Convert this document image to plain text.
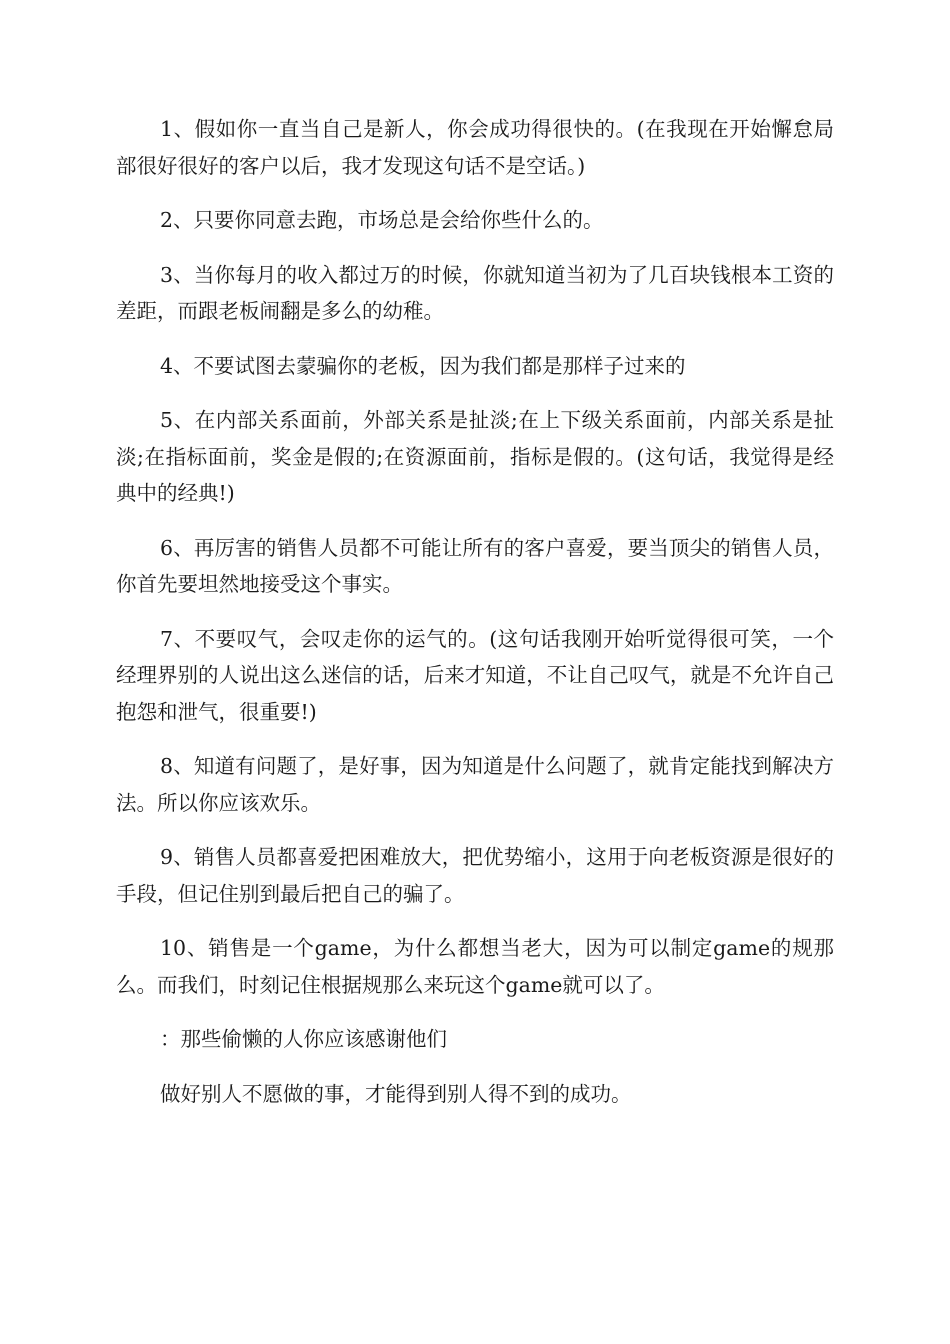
1、假如你一直当自己是新人，你会成功得很快的。(在我现在开始懈怠局部很好很好的客户以后，我才发现这句话不是空话。)

2、只要你同意去跑，市场总是会给你些什么的。

3、当你每月的收入都过万的时候，你就知道当初为了几百块钱根本工资的差距，而跟老板闹翻是多么的幼稚。

4、不要试图去蒙骗你的老板，因为我们都是那样子过来的

5、在内部关系面前，外部关系是扯淡;在上下级关系面前，内部关系是扯淡;在指标面前，奖金是假的;在资源面前，指标是假的。(这句话，我觉得是经典中的经典!)

6、再厉害的销售人员都不可能让所有的客户喜爱，要当顶尖的销售人员，你首先要坦然地接受这个事实。

7、不要叹气，会叹走你的运气的。(这句话我刚开始听觉得很可笑，一个经理界别的人说出这么迷信的话，后来才知道，不让自己叹气，就是不允许自己抱怨和泄气，很重要!)

8、知道有问题了，是好事，因为知道是什么问题了，就肯定能找到解决方法。所以你应该欢乐。

9、销售人员都喜爱把困难放大，把优势缩小，这用于向老板资源是很好的手段，但记住别到最后把自己的骗了。

10、销售是一个game，为什么都想当老大，因为可以制定game的规那么。而我们，时刻记住根据规那么来玩这个game就可以了。

：那些偷懒的人你应该感谢他们

做好别人不愿做的事，才能得到别人得不到的成功。
